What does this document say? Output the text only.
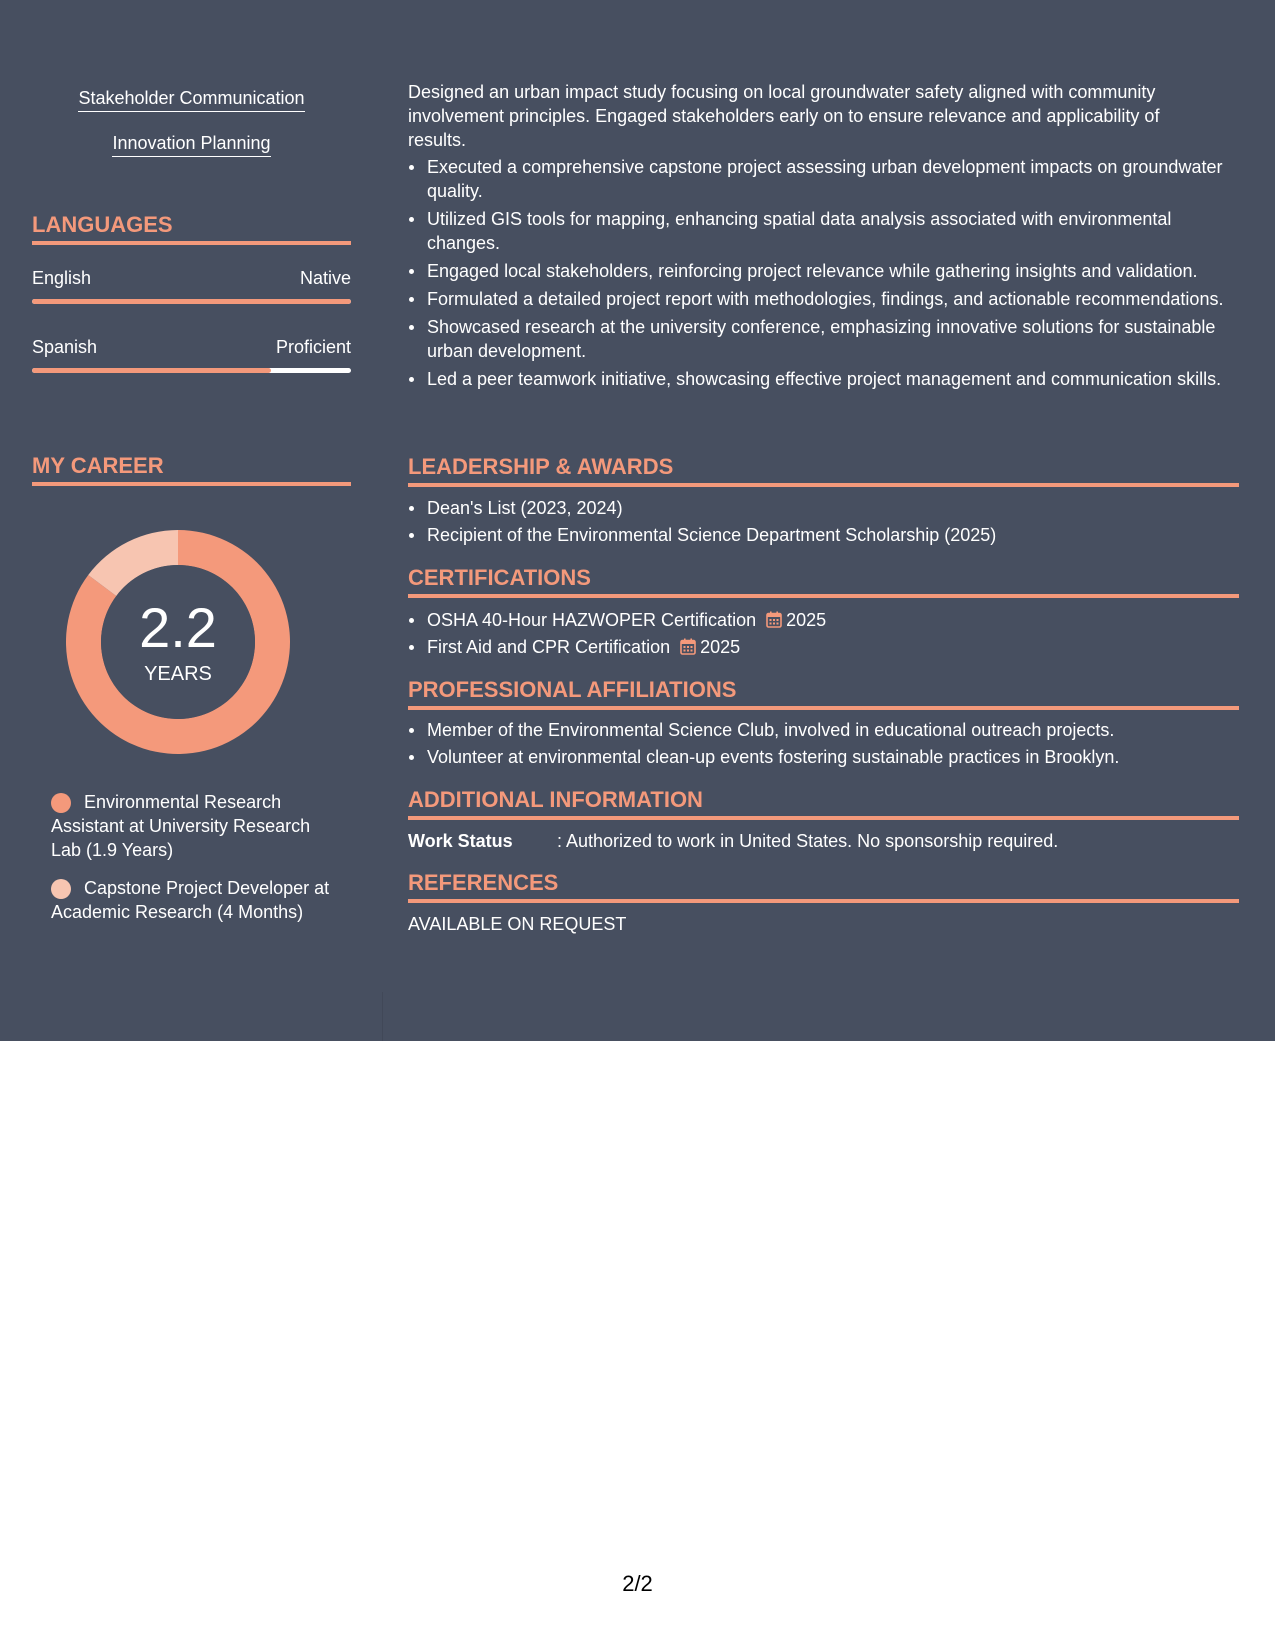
Stakeholder Communication
Innovation Planning
LANGUAGES
English	Native
Spanish	Proficient
MY CAREER
2.2
YEARS
Environmental Research Assistant at University Research Lab (1.9 Years)
Capstone Project Developer at Academic Research (4 Months)
Designed an urban impact study focusing on local groundwater safety aligned with community involvement principles. Engaged stakeholders early on to ensure relevance and applicability of results.
Executed a comprehensive capstone project assessing urban development impacts on groundwater quality.
Utilized GIS tools for mapping, enhancing spatial data analysis associated with environmental changes.
Engaged local stakeholders, reinforcing project relevance while gathering insights and validation.
Formulated a detailed project report with methodologies, findings, and actionable recommendations.
Showcased research at the university conference, emphasizing innovative solutions for sustainable urban development.
Led a peer teamwork initiative, showcasing effective project management and communication skills.
LEADERSHIP & AWARDS
Dean's List (2023, 2024)
Recipient of the Environmental Science Department Scholarship (2025)
CERTIFICATIONS
OSHA 40-Hour HAZWOPER Certification 2025
First Aid and CPR Certification 2025
PROFESSIONAL AFFILIATIONS
Member of the Environmental Science Club, involved in educational outreach projects.
Volunteer at environmental clean-up events fostering sustainable practices in Brooklyn.
ADDITIONAL INFORMATION
Work Status : Authorized to work in United States. No sponsorship required.
REFERENCES
AVAILABLE ON REQUEST
2/2
